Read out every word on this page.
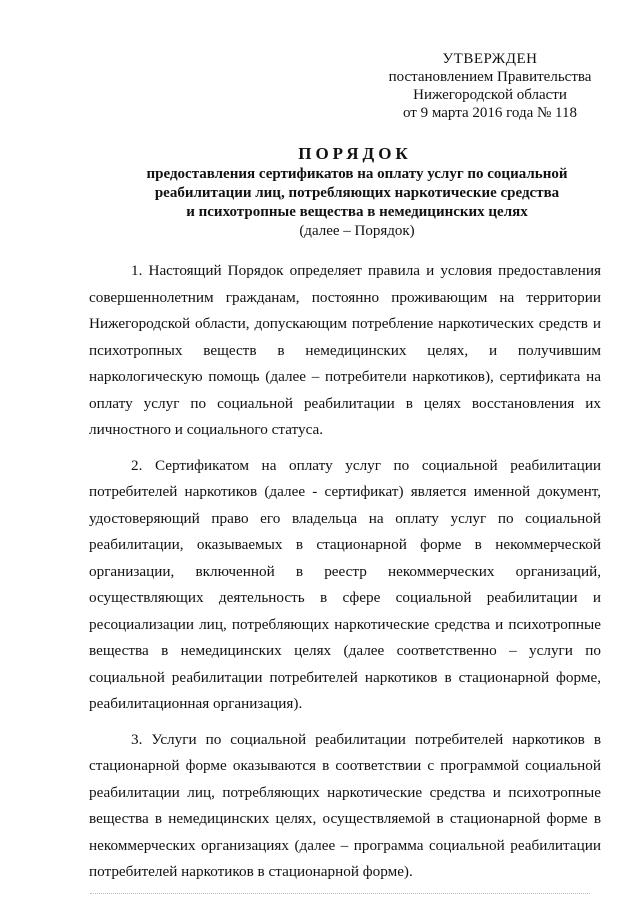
УТВЕРЖДЕН
постановлением Правительства
Нижегородской области
от 9 марта 2016 года № 118
ПОРЯДОК
предоставления сертификатов на оплату услуг по социальной
реабилитации лиц, потребляющих наркотические средства
и психотропные вещества в немедицинских целях
(далее – Порядок)

1. Настоящий Порядок определяет правила и условия предоставления совершеннолетним гражданам, постоянно проживающим на территории Нижегородской области, допускающим потребление наркотических средств и психотропных веществ в немедицинских целях, и получившим наркологическую помощь (далее – потребители наркотиков), сертификата на оплату услуг по социальной реабилитации в целях восстановления их личностного и социального статуса.

2. Сертификатом на оплату услуг по социальной реабилитации потребителей наркотиков (далее - сертификат) является именной документ, удостоверяющий право его владельца на оплату услуг по социальной реабилитации, оказываемых в стационарной форме в некоммерческой организации, включенной в реестр некоммерческих организаций, осуществляющих деятельность в сфере социальной реабилитации и ресоциализации лиц, потребляющих наркотические средства и психотропные вещества в немедицинских целях (далее соответственно – услуги по социальной реабилитации потребителей наркотиков в стационарной форме, реабилитационная организация).

3. Услуги по социальной реабилитации потребителей наркотиков в стационарной форме оказываются в соответствии с программой социальной реабилитации лиц, потребляющих наркотические средства и психотропные вещества в немедицинских целях, осуществляемой в стационарной форме в некоммерческих организациях (далее – программа социальной реабилитации потребителей наркотиков в стационарной форме).
